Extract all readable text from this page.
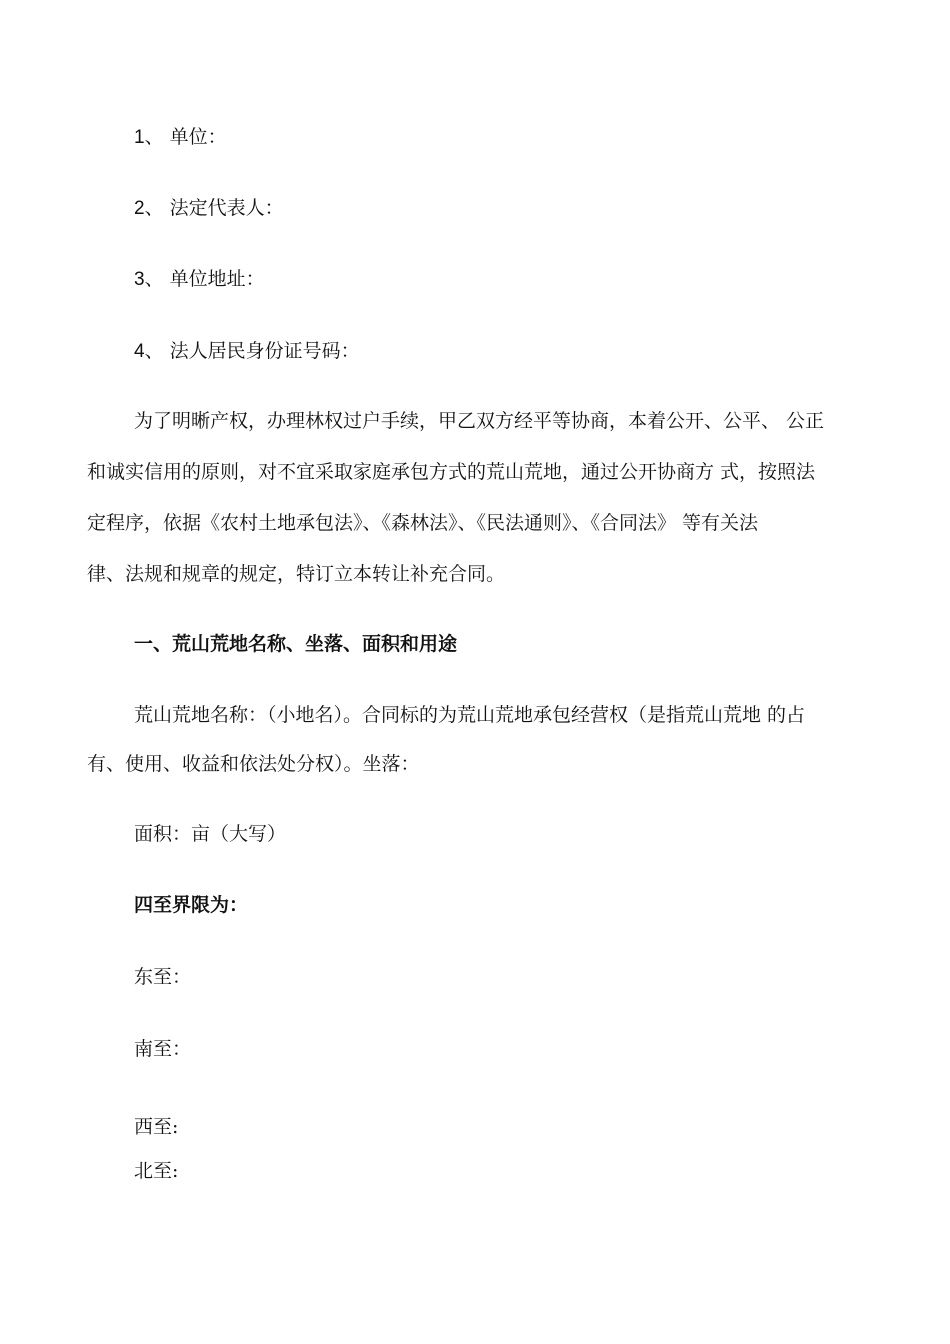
1、 单位：
2、 法定代表人：
3、 单位地址：
4、 法人居民身份证号码：
为了明晰产权，办理林权过户手续，甲乙双方经平等协商，本着公开、公平、 公正
和诚实信用的原则，对不宜采取家庭承包方式的荒山荒地，通过公开协商方 式，按照法
定程序，依据《农村土地承包法》、《森林法》、《民法通则》、《合同法》 等有关法
律、法规和规章的规定，特订立本转让补充合同。
一、荒山荒地名称、坐落、面积和用途
荒山荒地名称：（小地名）。合同标的为荒山荒地承包经营权（是指荒山荒地 的占
有、使用、收益和依法处分权）。坐落：
面积：亩（大写）
四至界限为：
东至：
南至：
西至:
北至:
